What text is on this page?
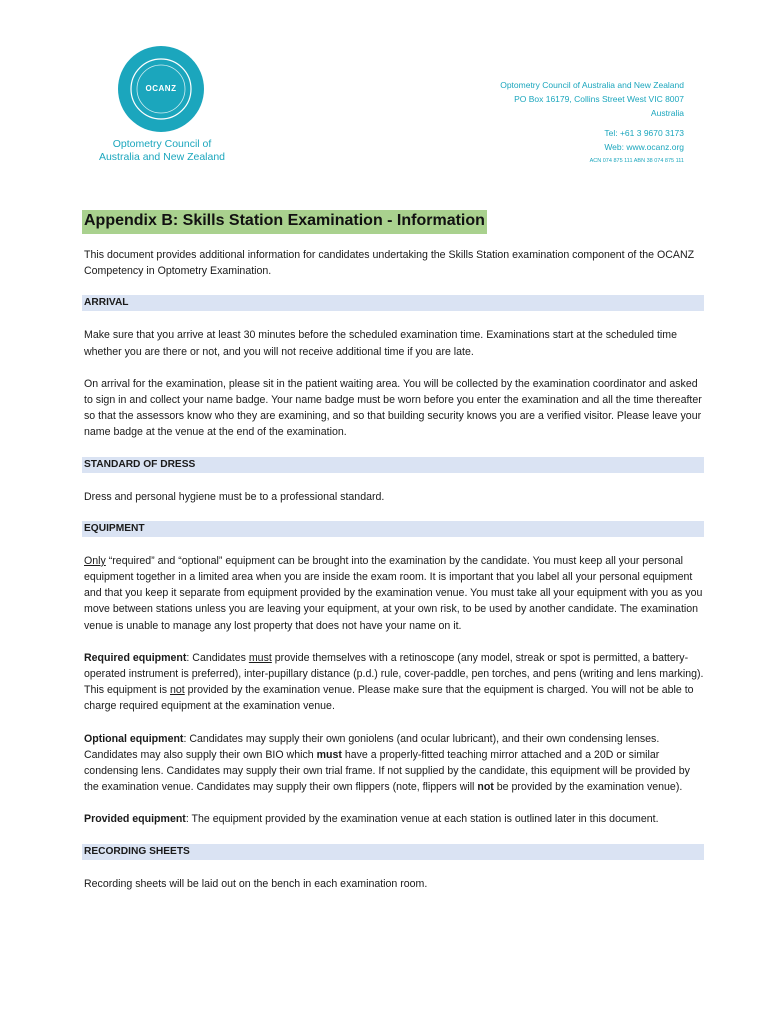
OCANZ
Optometry Council of
Australia and New Zealand
Optometry Council of Australia and New Zealand
PO Box 16179, Collins Street West VIC 8007
Australia
Tel: +61 3 9670 3173
Web: www.ocanz.org
ACN 074 875 111 ABN 38 074 875 111
Appendix B: Skills Station Examination - Information

This document provides additional information for candidates undertaking the Skills Station examination component of the OCANZ Competency in Optometry Examination.

ARRIVAL

Make sure that you arrive at least 30 minutes before the scheduled examination time. Examinations start at the scheduled time whether you are there or not, and you will not receive additional time if you are late.

On arrival for the examination, please sit in the patient waiting area. You will be collected by the examination coordinator and asked to sign in and collect your name badge. Your name badge must be worn before you enter the examination and all the time thereafter so that the assessors know who they are examining, and so that building security knows you are a verified visitor. Please leave your name badge at the venue at the end of the examination.

STANDARD OF DRESS

Dress and personal hygiene must be to a professional standard.

EQUIPMENT

Only “required” and “optional” equipment can be brought into the examination by the candidate. You must keep all your personal equipment together in a limited area when you are inside the exam room. It is important that you label all your personal equipment and that you keep it separate from equipment provided by the examination venue. You must take all your equipment with you as you move between stations unless you are leaving your equipment, at your own risk, to be used by another candidate. The examination venue is unable to manage any lost property that does not have your name on it.

Required equipment: Candidates must provide themselves with a retinoscope (any model, streak or spot is permitted, a battery-operated instrument is preferred), inter-pupillary distance (p.d.) rule, cover-paddle, pen torches, and pens (writing and lens marking). This equipment is not provided by the examination venue. Please make sure that the equipment is charged. You will not be able to charge required equipment at the examination venue.

Optional equipment: Candidates may supply their own goniolens (and ocular lubricant), and their own condensing lenses. Candidates may also supply their own BIO which must have a properly-fitted teaching mirror attached and a 20D or similar condensing lens. Candidates may supply their own trial frame. If not supplied by the candidate, this equipment will be provided by the examination venue. Candidates may supply their own flippers (note, flippers will not be provided by the examination venue).

Provided equipment: The equipment provided by the examination venue at each station is outlined later in this document.

RECORDING SHEETS

Recording sheets will be laid out on the bench in each examination room.
